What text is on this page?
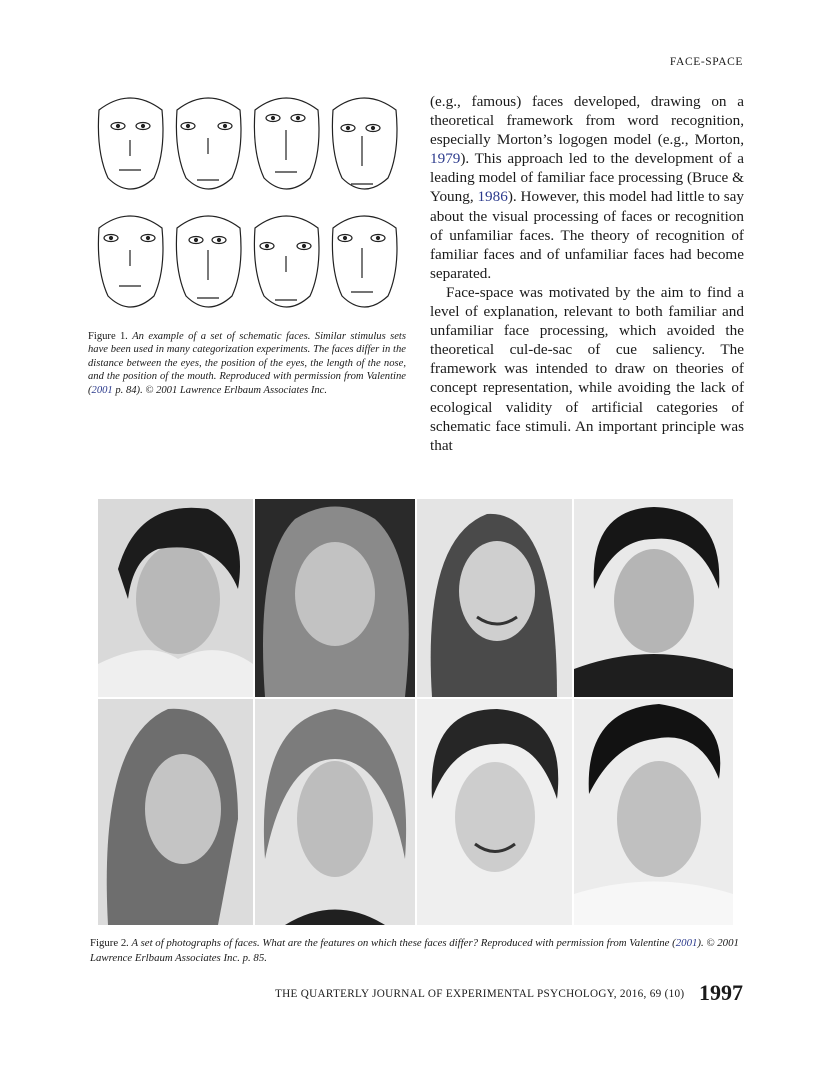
FACE-SPACE
Figure 1. An example of a set of schematic faces. Similar stimulus sets have been used in many categorization experiments. The faces differ in the distance between the eyes, the position of the eyes, the length of the nose, and the position of the mouth. Reproduced with permission from Valentine (2001 p. 84). © 2001 Lawrence Erlbaum Associates Inc.

(e.g., famous) faces developed, drawing on a theoretical framework from word recognition, especially Morton’s logogen model (e.g., Morton, 1979). This approach led to the development of a leading model of familiar face processing (Bruce & Young, 1986). However, this model had little to say about the visual processing of faces or recognition of unfamiliar faces. The theory of recognition of familiar faces and of unfamiliar faces had become separated.

Face-space was motivated by the aim to find a level of explanation, relevant to both familiar and unfamiliar face processing, which avoided the theoretical cul-de-sac of cue saliency. The framework was intended to draw on theories of concept representation, while avoiding the lack of ecological validity of artificial categories of schematic face stimuli. An important principle was that

Figure 2. A set of photographs of faces. What are the features on which these faces differ? Reproduced with permission from Valentine (2001). © 2001 Lawrence Erlbaum Associates Inc. p. 85.
THE QUARTERLY JOURNAL OF EXPERIMENTAL PSYCHOLOGY, 2016, 69 (10) 1997
